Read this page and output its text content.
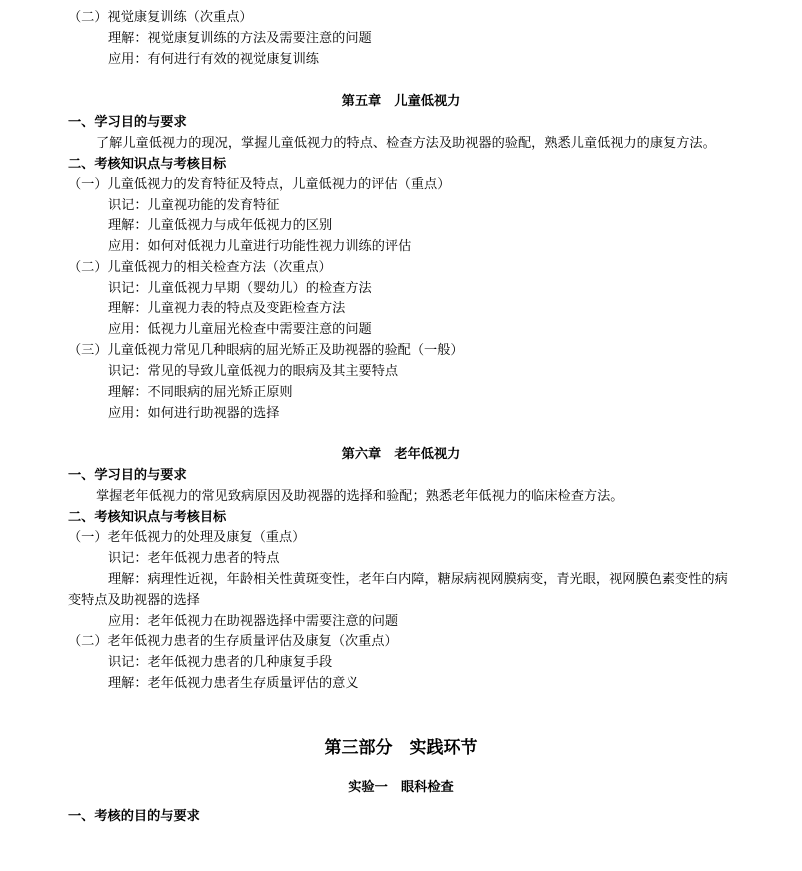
（二）视觉康复训练（次重点）
理解：视觉康复训练的方法及需要注意的问题
应用：有何进行有效的视觉康复训练
第五章　儿童低视力
一、学习目的与要求
了解儿童低视力的现况，掌握儿童低视力的特点、检查方法及助视器的验配，熟悉儿童低视力的康复方法。
二、考核知识点与考核目标
（一）儿童低视力的发育特征及特点，儿童低视力的评估（重点）
识记：儿童视功能的发育特征
理解：儿童低视力与成年低视力的区别
应用：如何对低视力儿童进行功能性视力训练的评估
（二）儿童低视力的相关检查方法（次重点）
识记：儿童低视力早期（婴幼儿）的检查方法
理解：儿童视力表的特点及变距检查方法
应用：低视力儿童屈光检查中需要注意的问题
（三）儿童低视力常见几种眼病的屈光矫正及助视器的验配（一般）
识记：常见的导致儿童低视力的眼病及其主要特点
理解：不同眼病的屈光矫正原则
应用：如何进行助视器的选择
第六章　老年低视力
一、学习目的与要求
掌握老年低视力的常见致病原因及助视器的选择和验配；熟悉老年低视力的临床检查方法。
二、考核知识点与考核目标
（一）老年低视力的处理及康复（重点）
识记：老年低视力患者的特点
理解：病理性近视，年龄相关性黄斑变性，老年白内障，糖尿病视网膜病变，青光眼，视网膜色素变性的病
变特点及助视器的选择
应用：老年低视力在助视器选择中需要注意的问题
（二）老年低视力患者的生存质量评估及康复（次重点）
识记：老年低视力患者的几种康复手段
理解：老年低视力患者生存质量评估的意义
第三部分　实践环节
实验一　眼科检查
一、考核的目的与要求
